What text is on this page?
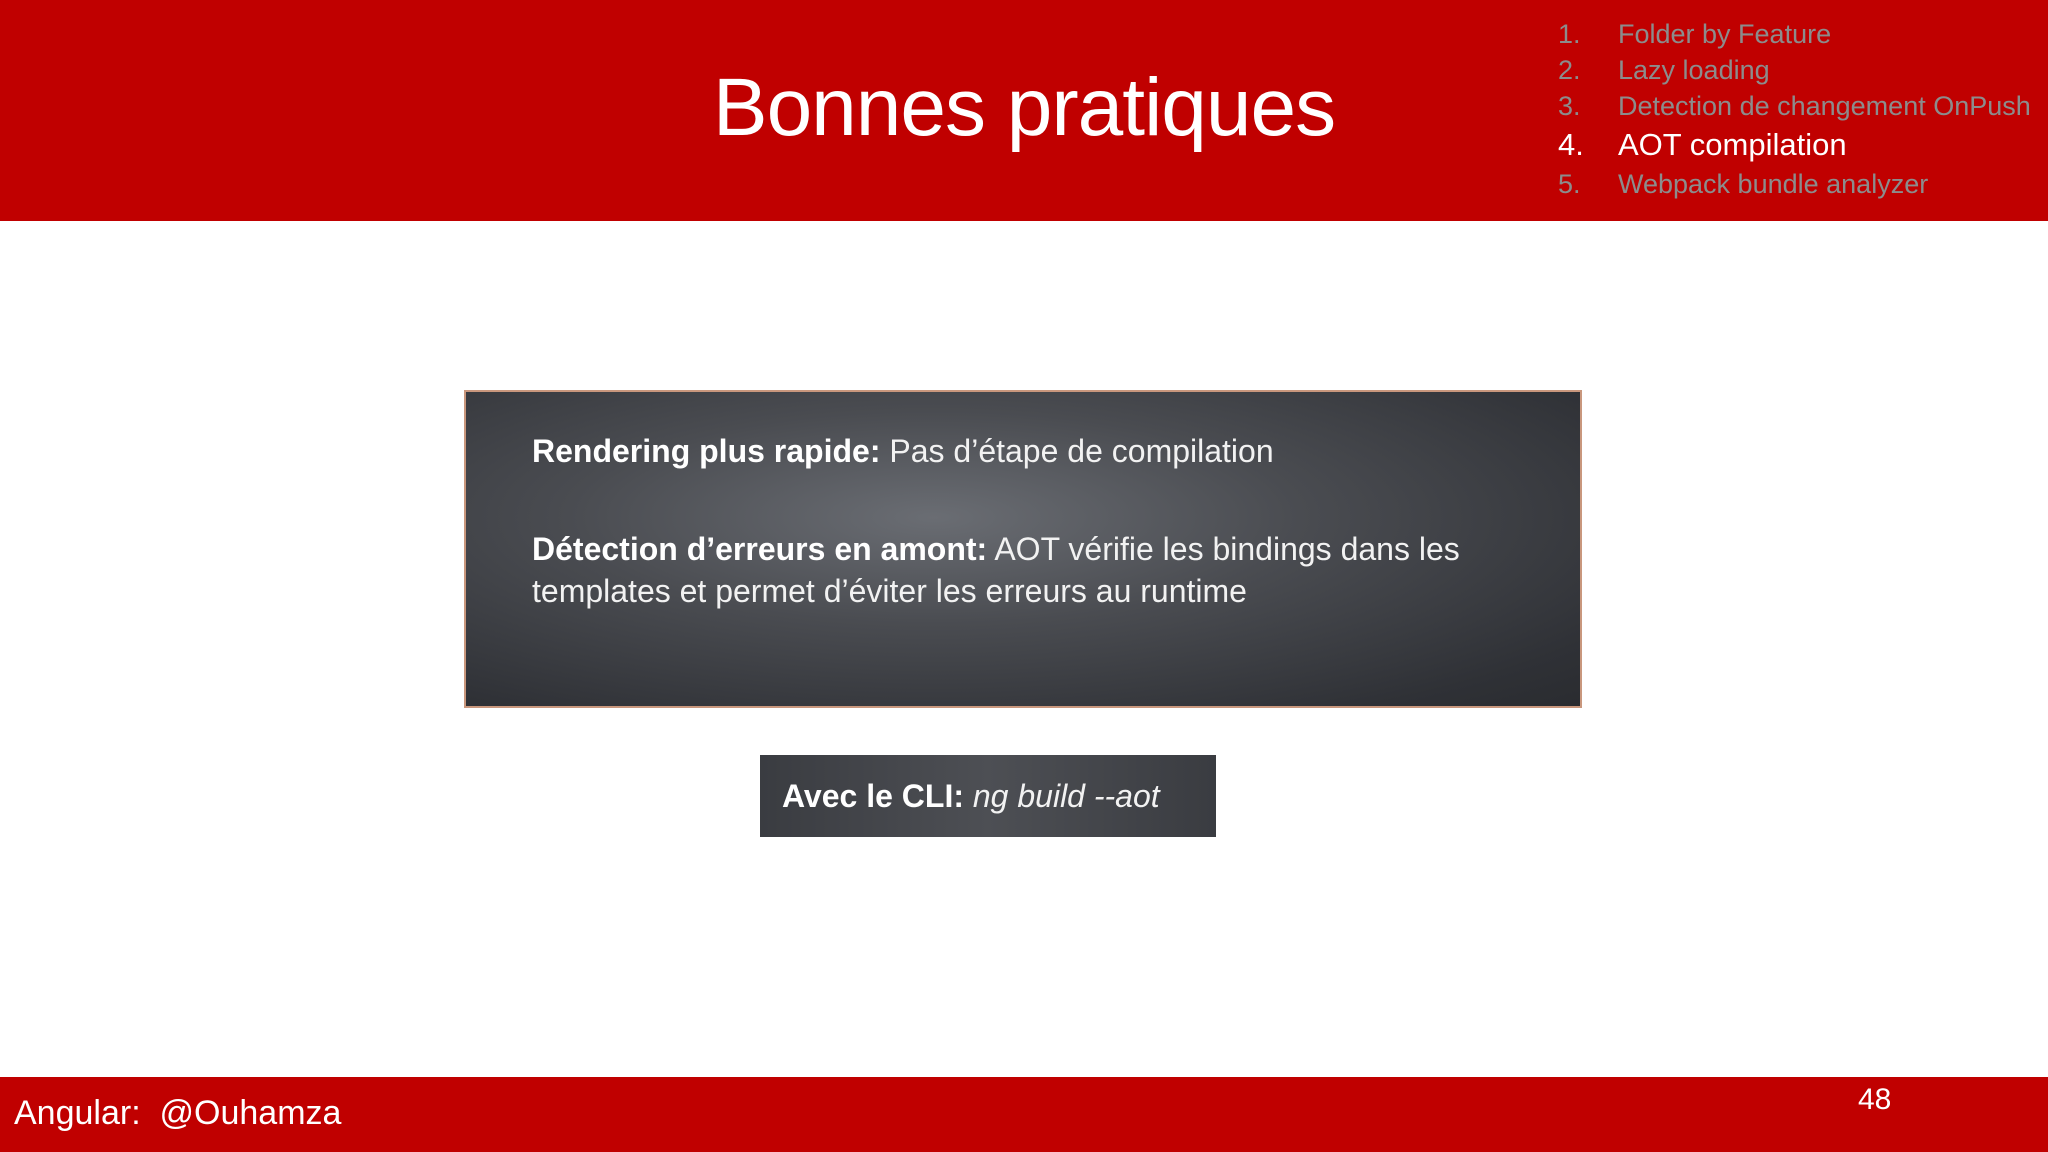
Bonnes pratiques
1.	Folder by Feature
2.	Lazy loading
3.	Detection de changement OnPush
4.	AOT compilation
5.	Webpack bundle analyzer
Rendering plus rapide: Pas d’étape de compilation
Détection d’erreurs en amont: AOT vérifie les bindings dans les templates et permet d’éviter les erreurs au runtime
Avec le CLI: ng build --aot
Angular:  @Ouhamza	48
